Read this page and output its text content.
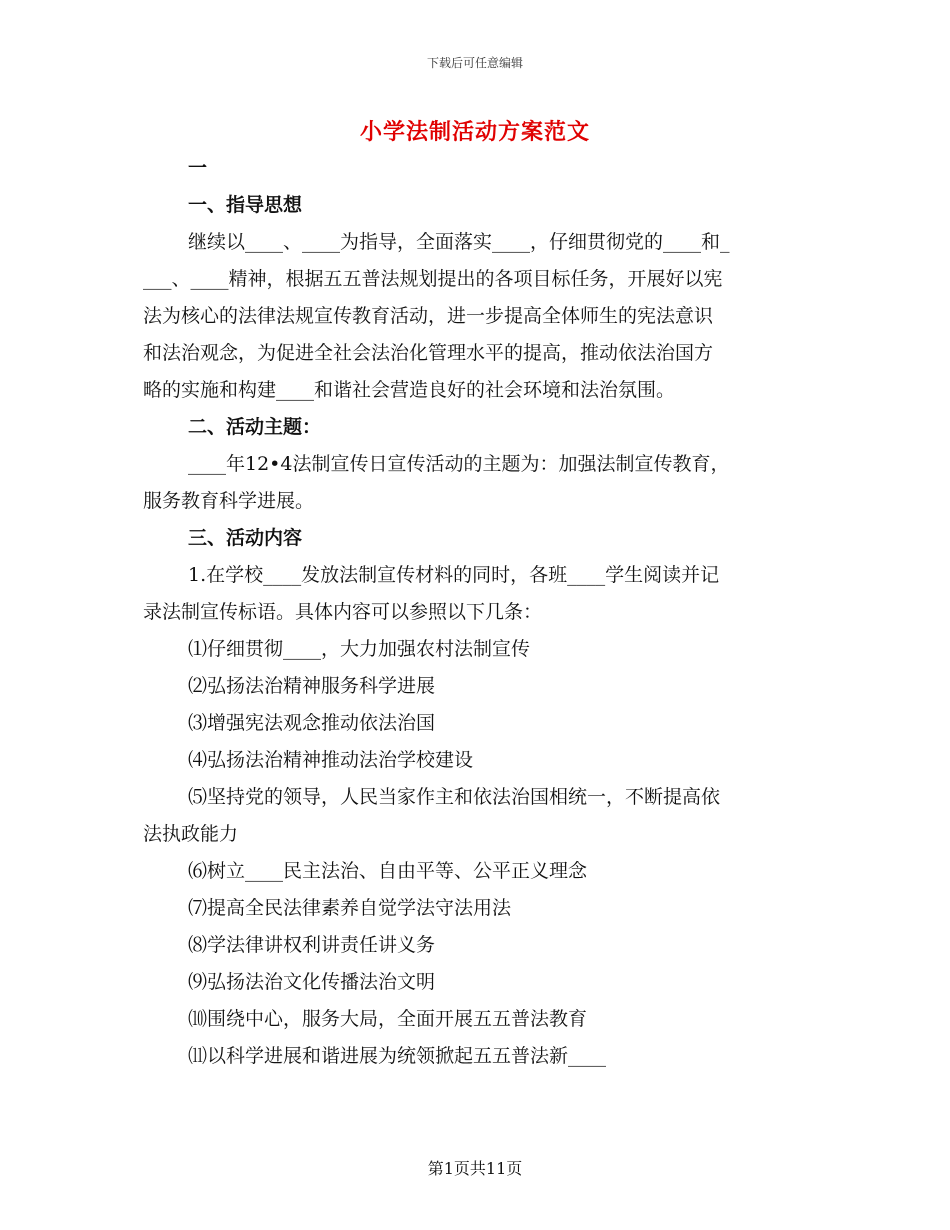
下载后可任意编辑
小学法制活动方案范文
一
一、指导思想
继续以____、____为指导，全面落实____，仔细贯彻党的____和_
___、____精神，根据五五普法规划提出的各项目标任务，开展好以宪
法为核心的法律法规宣传教育活动，进一步提高全体师生的宪法意识
和法治观念，为促进全社会法治化管理水平的提高，推动依法治国方
略的实施和构建____和谐社会营造良好的社会环境和法治氛围。
二、活动主题：
____年12•4法制宣传日宣传活动的主题为：加强法制宣传教育，
服务教育科学进展。
三、活动内容
1.在学校____发放法制宣传材料的同时，各班____学生阅读并记
录法制宣传标语。具体内容可以参照以下几条：
⑴仔细贯彻____，大力加强农村法制宣传
⑵弘扬法治精神服务科学进展
⑶增强宪法观念推动依法治国
⑷弘扬法治精神推动法治学校建设
⑸坚持党的领导，人民当家作主和依法治国相统一，不断提高依
法执政能力
⑹树立____民主法治、自由平等、公平正义理念
⑺提高全民法律素养自觉学法守法用法
⑻学法律讲权利讲责任讲义务
⑼弘扬法治文化传播法治文明
⑽围绕中心，服务大局，全面开展五五普法教育
⑾以科学进展和谐进展为统领掀起五五普法新____
第1页共11页
